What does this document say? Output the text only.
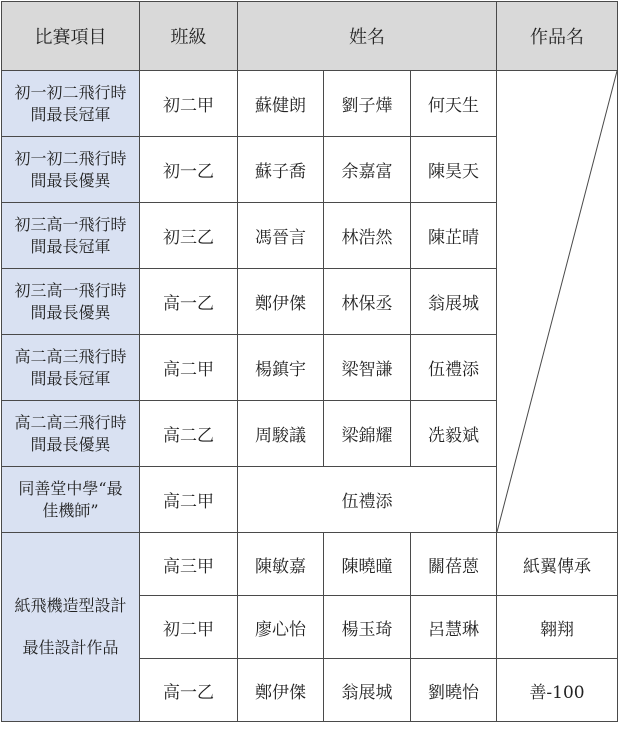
比賽項目	班級	姓名			作品名

初一初二飛行時
間最長冠軍	初二甲	蘇健朗	劉子燁	何天生	

初一初二飛行時
間最長優異	初一乙	蘇子喬	余嘉富	陳昊天	

初三高一飛行時
間最長冠軍	初三乙	馮晉言	林浩然	陳芷晴	

初三高一飛行時
間最長優異	高一乙	鄭伊傑	林保丞	翁展城	

高二高三飛行時
間最長冠軍	高二甲	楊鎮宇	梁智謙	伍禮添	

高二高三飛行時
間最長優異	高二乙	周駿議	梁錦耀	冼毅斌	

同善堂中學“最
佳機師”	高二甲	伍禮添			

紙飛機造型設計
最佳設計作品	高三甲	陳敏嘉	陳曉曈	關蓓蒽	紙翼傳承
	初二甲	廖心怡	楊玉琦	呂慧琳	翱翔
	高一乙	鄭伊傑	翁展城	劉曉怡	善-100
